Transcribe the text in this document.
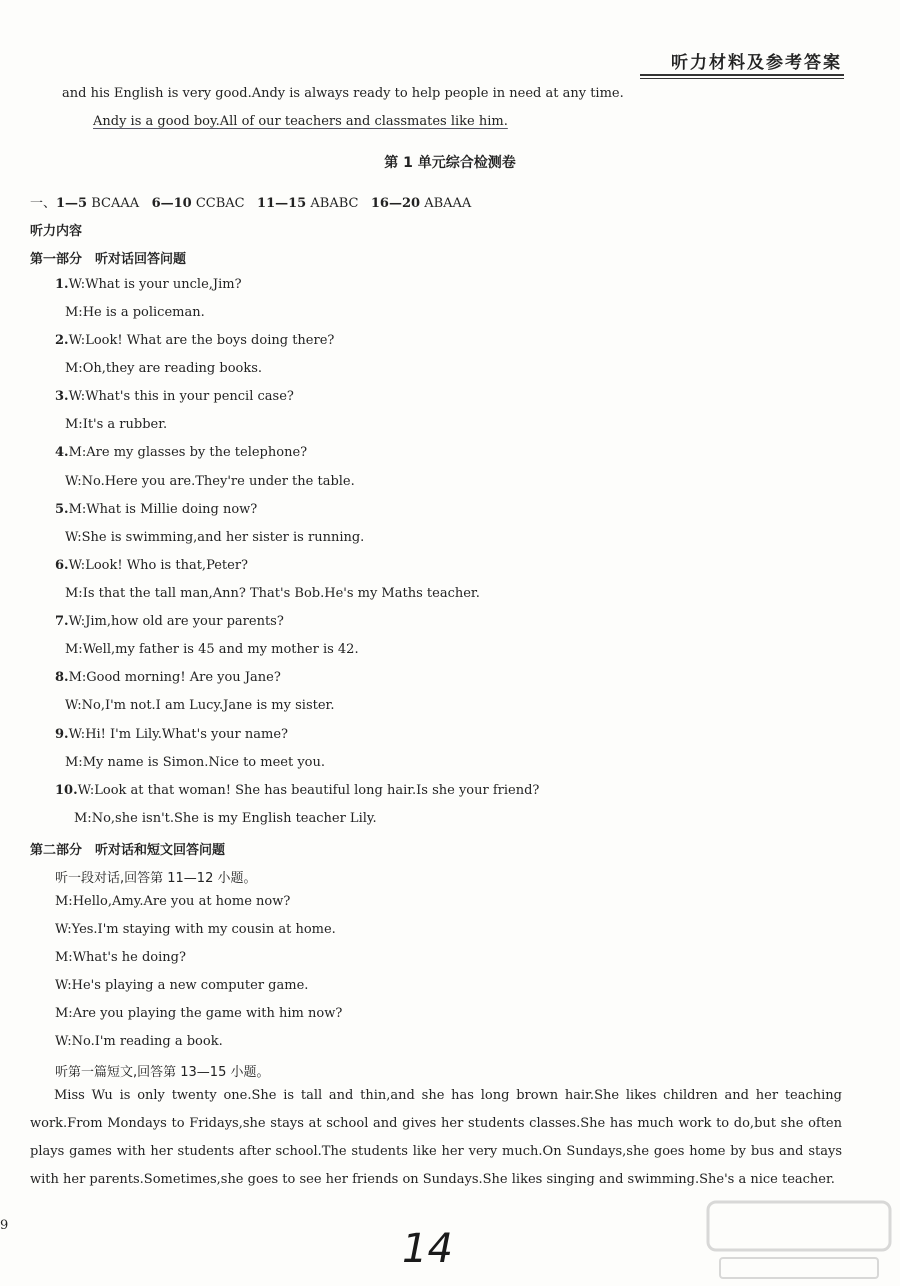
听力材料及参考答案
and his English is very good.Andy is always ready to help people in need at any time.
Andy is a good boy.All of our teachers and classmates like him.
第 1 单元综合检测卷
一、1—5 BCAAA 6—10 CCBAC 11—15 ABABC 16—20 ABAAA
听力内容
第一部分　听对话回答问题
1.W:What is your uncle,Jim?
M:He is a policeman.
2.W:Look! What are the boys doing there?
M:Oh,they are reading books.
3.W:What's this in your pencil case?
M:It's a rubber.
4.M:Are my glasses by the telephone?
W:No.Here you are.They're under the table.
5.M:What is Millie doing now?
W:She is swimming,and her sister is running.
6.W:Look! Who is that,Peter?
M:Is that the tall man,Ann? That's Bob.He's my Maths teacher.
7.W:Jim,how old are your parents?
M:Well,my father is 45 and my mother is 42.
8.M:Good morning! Are you Jane?
W:No,I'm not.I am Lucy.Jane is my sister.
9.W:Hi! I'm Lily.What's your name?
M:My name is Simon.Nice to meet you.
10.W:Look at that woman! She has beautiful long hair.Is she your friend?
M:No,she isn't.She is my English teacher Lily.
第二部分　听对话和短文回答问题
听一段对话,回答第 11—12 小题。
M:Hello,Amy.Are you at home now?
W:Yes.I'm staying with my cousin at home.
M:What's he doing?
W:He's playing a new computer game.
M:Are you playing the game with him now?
W:No.I'm reading a book.
听第一篇短文,回答第 13—15 小题。

Miss Wu is only twenty one.She is tall and thin,and she has long brown hair.She likes children and her teaching work.From Mondays to Fridays,she stays at school and gives her students classes.She has much work to do,but she often plays games with her students after school.The students like her very much.On Sundays,she goes home by bus and stays with her parents.Sometimes,she goes to see her friends on Sundays.She likes singing and swimming.She's a nice teacher.

9
14
